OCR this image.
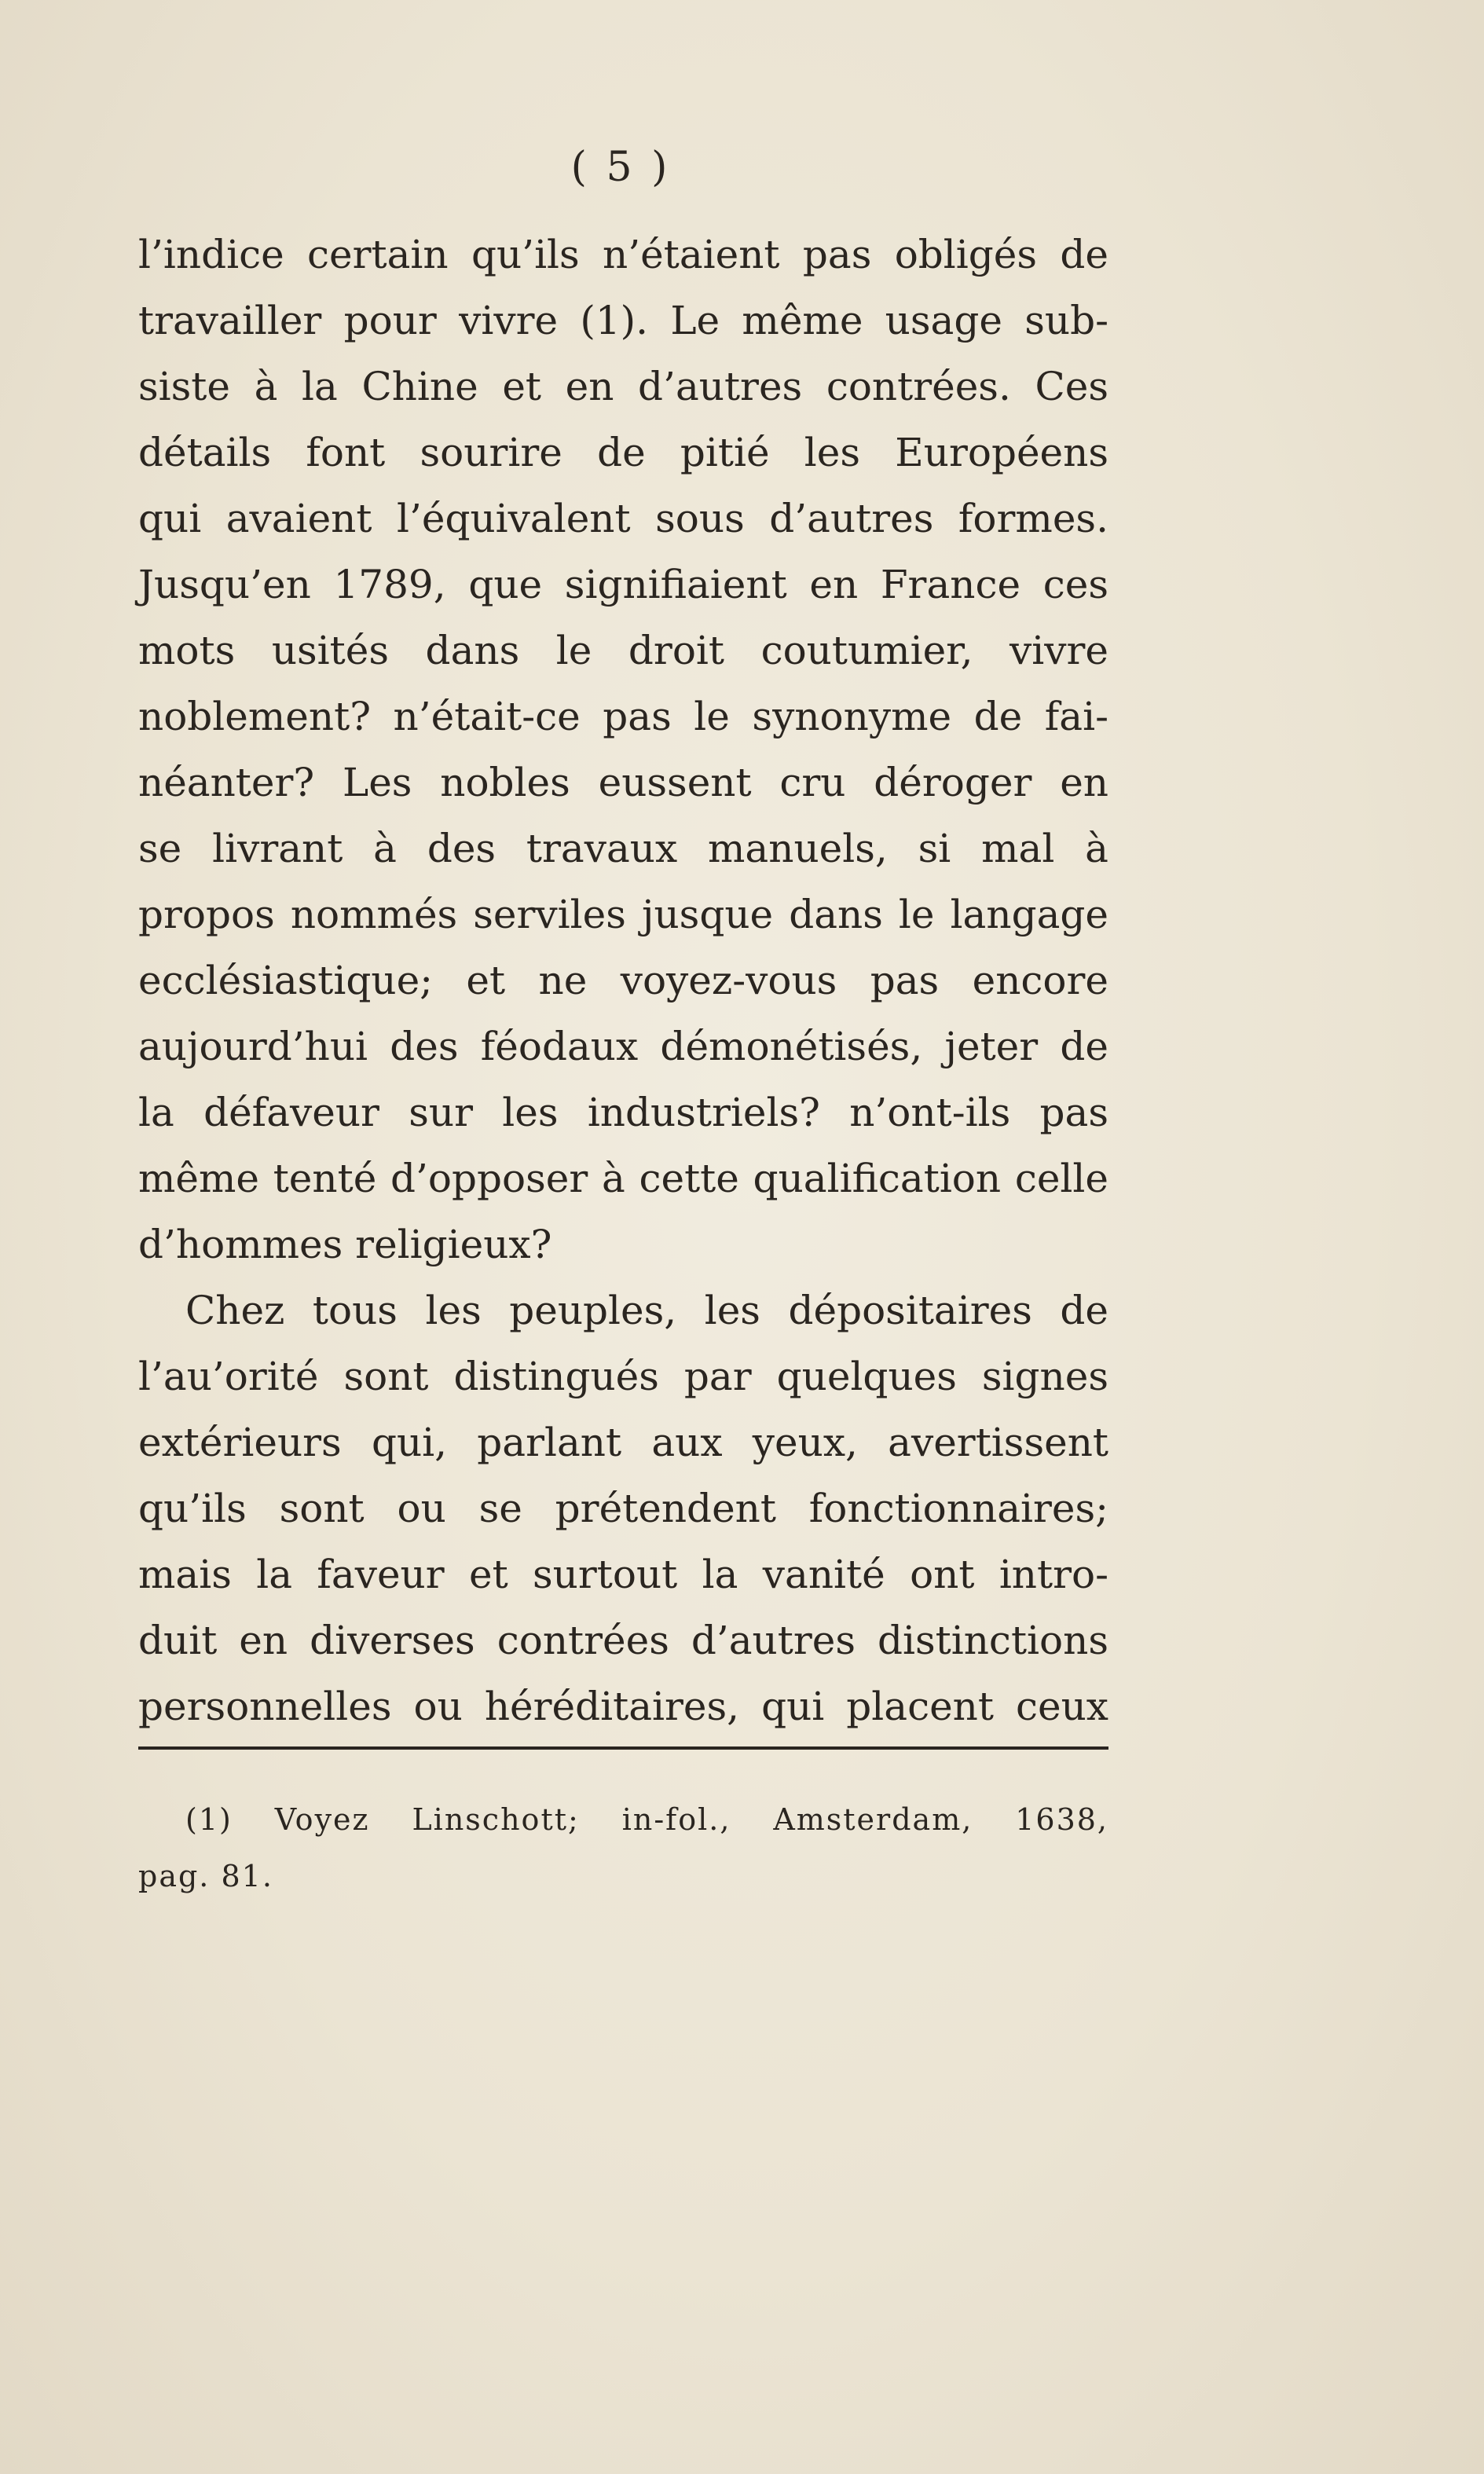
( 5 )
l’indice certain qu’ils n’étaient pas obligés de
travailler pour vivre (1). Le même usage sub-
siste à la Chine et en d’autres contrées. Ces
détails font sourire de pitié les Européens
qui avaient l’équivalent sous d’autres formes.
Jusqu’en 1789, que signifiaient en France ces
mots usités dans le droit coutumier, vivre
noblement? n’était-ce pas le synonyme de fai-
néanter? Les nobles eussent cru déroger en
se livrant à des travaux manuels, si mal à
propos nommés serviles jusque dans le langage
ecclésiastique; et ne voyez-vous pas encore
aujourd’hui des féodaux démonétisés, jeter de
la défaveur sur les industriels? n’ont-ils pas
même tenté d’opposer à cette qualification celle
d’hommes religieux?
Chez tous les peuples, les dépositaires de
l’au’orité sont distingués par quelques signes
extérieurs qui, parlant aux yeux, avertissent
qu’ils sont ou se prétendent fonctionnaires;
mais la faveur et surtout la vanité ont intro-
duit en diverses contrées d’autres distinctions
personnelles ou héréditaires, qui placent ceux
(1) Voyez Linschott; in-fol., Amsterdam, 1638,
pag. 81.
